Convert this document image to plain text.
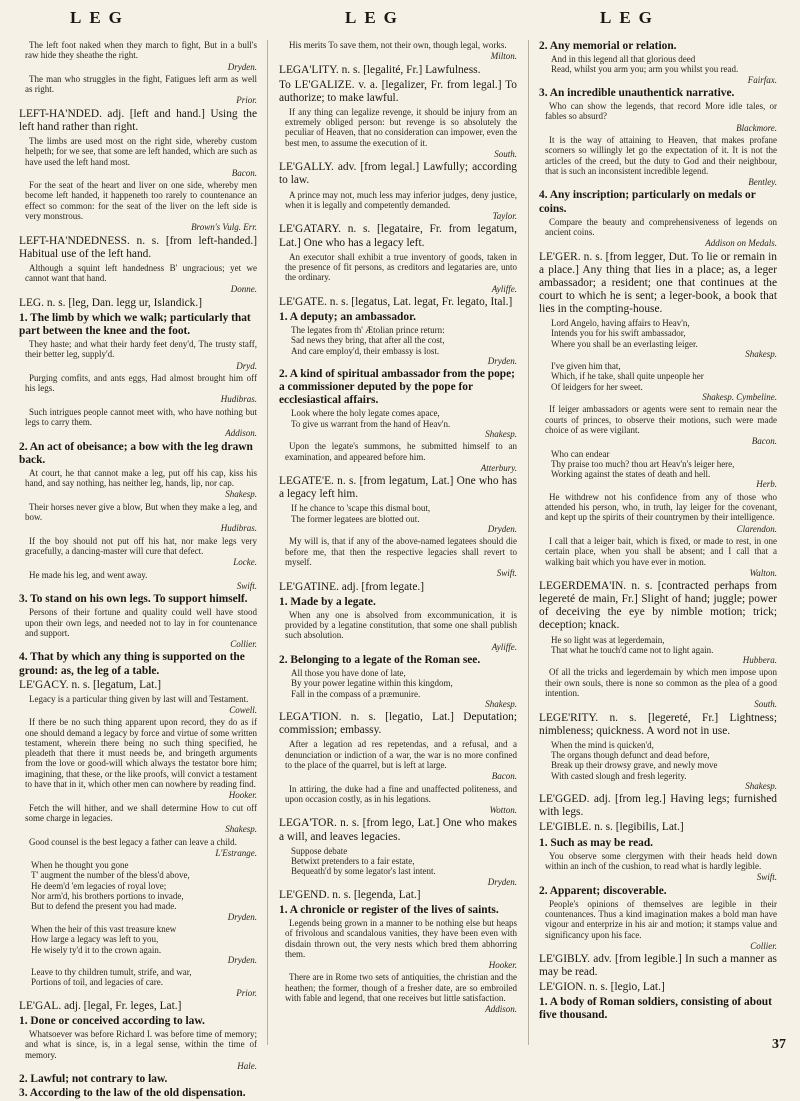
LEG	LEG	LEG

The left foot naked when they march to fight, But in a bull's raw hide they sheathe the right.

Dryden.

The man who struggles in the fight, Fatigues left arm as well as right.

Prior.

LEFT-HA'NDED. adj. [left and hand.] Using the left hand rather than right.

The limbs are used most on the right side, whereby custom helpeth; for we see, that some are left handed, which are such as have used the left hand most.

Bacon.

For the seat of the heart and liver on one side, whereby men become left handed, it happeneth too rarely to countenance an effect so common: for the seat of the liver on the left side is very monstrous.

Brown's Vulg. Err.

LEFT-HA'NDEDNESS. n. s. [from left-handed.] Habitual use of the left hand.

Although a squint left handedness B' ungracious; yet we cannot want that hand.

Donne.

LEG. n. s. [leg, Dan. legg ur, Islandick.]

1. The limb by which we walk; particularly that part between the knee and the foot.

They haste; and what their hardy feet deny'd, The trusty staff, their better leg, supply'd.

Dryd.

Purging comfits, and ants eggs, Had almost brought him off his legs.

Hudibras.

Such intrigues people cannot meet with, who have nothing but legs to carry them.

Addison.

2. An act of obeisance; a bow with the leg drawn back.

At court, he that cannot make a leg, put off his cap, kiss his hand, and say nothing, has neither leg, hands, lip, nor cap.

Shakesp.

Their horses never give a blow, But when they make a leg, and bow.

Hudibras.

If the boy should not put off his hat, nor make legs very gracefully, a dancing-master will cure that defect.

Locke.

He made his leg, and went away.

Swift.

3. To stand on his own legs. To support himself.

Persons of their fortune and quality could well have stood upon their own legs, and needed not to lay in for countenance and support.

Collier.

4. That by which any thing is supported on the ground: as, the leg of a table.

LE'GACY. n. s. [legatum, Lat.]

Legacy is a particular thing given by last will and Testament.

Cowell.

If there be no such thing apparent upon record, they do as if one should demand a legacy by force and virtue of some written testament, wherein there being no such thing specified, he pleadeth that there it must needs be, and bringeth arguments from the love or good-will which always the testator bore him; imagining, that these, or the like proofs, will convict a testament to have that in it, which other men can nowhere by reading find.

Hooker.

Fetch the will hither, and we shall determine How to cut off some charge in legacies.

Shakesp.

Good counsel is the best legacy a father can leave a child.

L'Estrange.
When he thought you gone
T' augment the number of the bless'd above,
He deem'd 'em legacies of royal love;
Nor arm'd, his brothers portions to invade,
But to defend the present you had made.
Dryden.
When the heir of this vast treasure knew
How large a legacy was left to you,
He wisely ty'd it to the crown again.
Dryden.
Leave to thy children tumult, strife, and war,
Portions of toil, and legacies of care.
Prior.

LE'GAL. adj. [legal, Fr. leges, Lat.]

1. Done or conceived according to law.

Whatsoever was before Richard I. was before time of memory; and what is since, is, in a legal sense, within the time of memory.

Hale.

2. Lawful; not contrary to law.

3. According to the law of the old dispensation.

His merits To save them, not their own, though legal, works.

Milton.

LEGA'LITY. n. s. [legalité, Fr.] Lawfulness.

To LE'GALIZE. v. a. [legalizer, Fr. from legal.] To authorize; to make lawful.

If any thing can legalize revenge, it should be injury from an extremely obliged person: but revenge is so absolutely the peculiar of Heaven, that no consideration can impower, even the best men, to assume the execution of it.

South.

LE'GALLY. adv. [from legal.] Lawfully; according to law.

A prince may not, much less may inferior judges, deny justice, when it is legally and competently demanded.

Taylor.

LE'GATARY. n. s. [legataire, Fr. from legatum, Lat.] One who has a legacy left.

An executor shall exhibit a true inventory of goods, taken in the presence of fit persons, as creditors and legataries are, unto the ordinary.

Ayliffe.

LE'GATE. n. s. [legatus, Lat. legat, Fr. legato, Ital.]

1. A deputy; an ambassador.

The legates from th' Ætolian prince return:
Sad news they bring, that after all the cost,
And care employ'd, their embassy is lost.
Dryden.

2. A kind of spiritual ambassador from the pope; a commissioner deputed by the pope for ecclesiastical affairs.

Look where the holy legate comes apace,
To give us warrant from the hand of Heav'n.
Shakesp.

Upon the legate's summons, he submitted himself to an examination, and appeared before him.

Atterbury.

LEGATE'E. n. s. [from legatum, Lat.] One who has a legacy left him.

If he chance to 'scape this dismal bout,
The former legatees are blotted out.
Dryden.

My will is, that if any of the above-named legatees should die before me, that then the respective legacies shall revert to myself.

Swift.

LE'GATINE. adj. [from legate.]

1. Made by a legate.

When any one is absolved from excommunication, it is provided by a legatine constitution, that some one shall publish such absolution.

Ayliffe.

2. Belonging to a legate of the Roman see.

All those you have done of late,
By your power legatine within this kingdom,
Fall in the compass of a præmunire.
Shakesp.

LEGA'TION. n. s. [legatio, Lat.] Deputation; commission; embassy.

After a legation ad res repetendas, and a refusal, and a denunciation or indiction of a war, the war is no more confined to the place of the quarrel, but is left at large.

Bacon.

In attiring, the duke had a fine and unaffected politeness, and upon occasion costly, as in his legations.

Wotton.

LEGA'TOR. n. s. [from lego, Lat.] One who makes a will, and leaves legacies.

Suppose debate
Betwixt pretenders to a fair estate,
Bequeath'd by some legator's last intent.
Dryden.

LE'GEND. n. s. [legenda, Lat.]

1. A chronicle or register of the lives of saints.

Legends being grown in a manner to be nothing else but heaps of frivolous and scandalous vanities, they have been even with disdain thrown out, the very nests which bred them abhorring them.

Hooker.

There are in Rome two sets of antiquities, the christian and the heathen; the former, though of a fresher date, are so embroiled with fable and legend, that one receives but little satisfaction.

Addison.

2. Any memorial or relation.

And in this legend all that glorious deed
Read, whilst you arm you; arm you whilst you read.
Fairfax.

3. An incredible unauthentick narrative.

Who can show the legends, that record More idle tales, or fables so absurd?

Blackmore.

It is the way of attaining to Heaven, that makes profane scorners so willingly let go the expectation of it. It is not the articles of the creed, but the duty to God and their neighbour, that is such an inconsistent incredible legend.

Bentley.

4. Any inscription; particularly on medals or coins.

Compare the beauty and comprehensiveness of legends on ancient coins.

Addison on Medals.

LE'GER. n. s. [from legger, Dut. To lie or remain in a place.] Any thing that lies in a place; as, a leger ambassador; a resident; one that continues at the court to which he is sent; a leger-book, a book that lies in the compting-house.

Lord Angelo, having affairs to Heav'n,
Intends you for his swift ambassador,
Where you shall be an everlasting leiger.
Shakesp.
I've given him that,
Which, if he take, shall quite unpeople her
Of leidgers for her sweet.
Shakesp. Cymbeline.

If leiger ambassadors or agents were sent to remain near the courts of princes, to observe their motions, such were made choice of as were vigilant.

Bacon.
Who can endear
Thy praise too much? thou art Heav'n's leiger here,
Working against the states of death and hell.
Herb.

He withdrew not his confidence from any of those who attended his person, who, in truth, lay leiger for the covenant, and kept up the spirits of their countrymen by their intelligence.

Clarendon.

I call that a leiger bait, which is fixed, or made to rest, in one certain place, when you shall be absent; and I call that a walking bait which you have ever in motion.

Walton.

LEGERDEMA'IN. n. s. [contracted perhaps from legereté de main, Fr.] Slight of hand; juggle; power of deceiving the eye by nimble motion; trick; deception; knack.

He so light was at legerdemain,
That what he touch'd came not to light again.
Hubbera.

Of all the tricks and legerdemain by which men impose upon their own souls, there is none so common as the plea of a good intention.

South.

LEGE'RITY. n. s. [legereté, Fr.] Lightness; nimbleness; quickness. A word not in use.

When the mind is quicken'd,
The organs though defunct and dead before,
Break up their drowsy grave, and newly move
With casted slough and fresh legerity.
Shakesp.

LE'GGED. adj. [from leg.] Having legs; furnished with legs.

LE'GIBLE. n. s. [legibilis, Lat.]

1. Such as may be read.

You observe some clergymen with their heads held down within an inch of the cushion, to read what is hardly legible.

Swift.

2. Apparent; discoverable.

People's opinions of themselves are legible in their countenances. Thus a kind imagination makes a bold man have vigour and enterprize in his air and motion; it stamps value and significancy upon his face.

Collier.

LE'GIBLY. adv. [from legible.] In such a manner as may be read.

LE'GION. n. s. [legio, Lat.]

1. A body of Roman soldiers, consisting of about five thousand.

37
